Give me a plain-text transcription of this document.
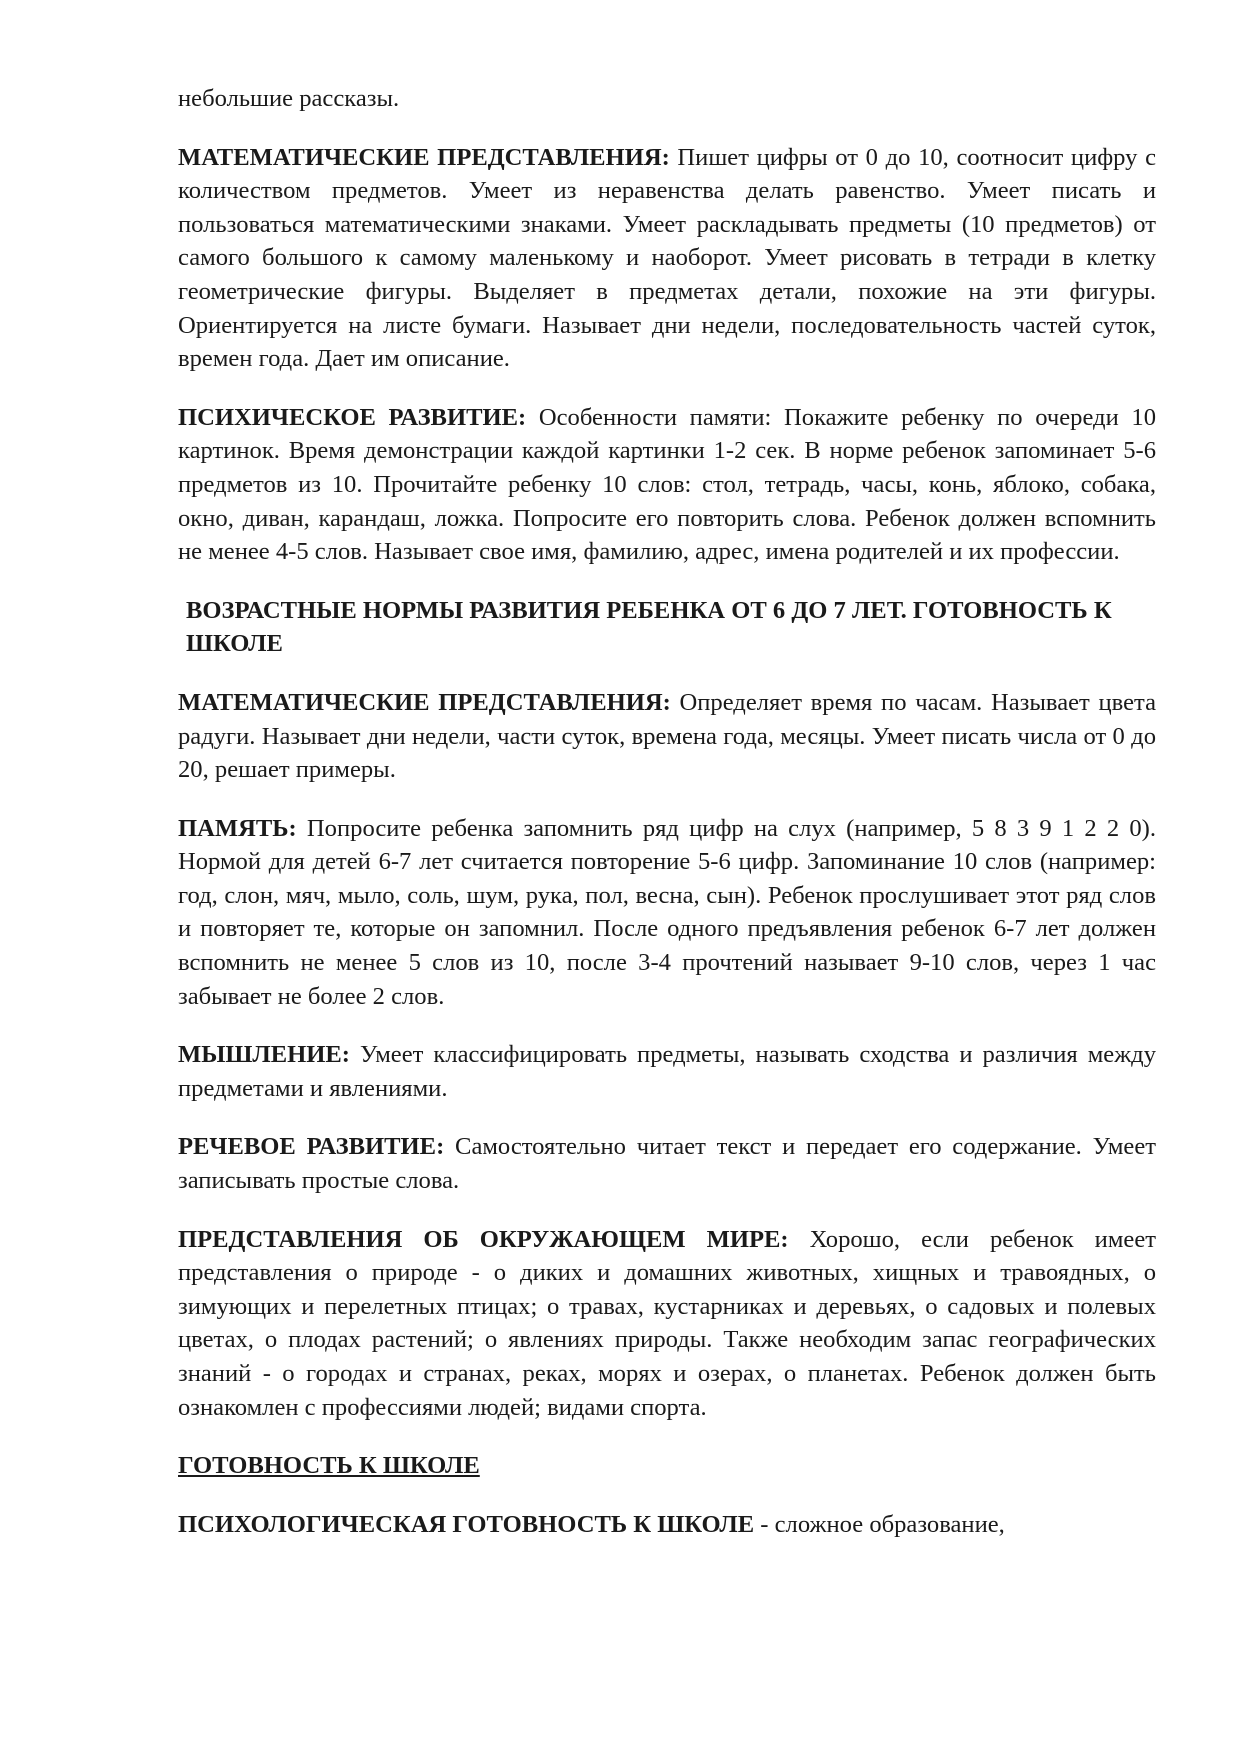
небольшие рассказы.

МАТЕМАТИЧЕСКИЕ ПРЕДСТАВЛЕНИЯ: Пишет цифры от 0 до 10, соотносит цифру с количеством предметов. Умеет из неравенства делать равенство. Умеет писать и пользоваться математическими знаками. Умеет раскладывать предметы (10 предметов) от самого большого к самому маленькому и наоборот. Умеет рисовать в тетради в клетку геометрические фигуры. Выделяет в предметах детали, похожие на эти фигуры. Ориентируется на листе бумаги. Называет дни недели, последовательность частей суток, времен года. Дает им описание.

ПСИХИЧЕСКОЕ РАЗВИТИЕ: Особенности памяти: Покажите ребенку по очереди 10 картинок. Время демонстрации каждой картинки 1-2 сек. В норме ребенок запоминает 5-6 предметов из 10. Прочитайте ребенку 10 слов: стол, тетрадь, часы, конь, яблоко, собака, окно, диван, карандаш, ложка. Попросите его повторить слова. Ребенок должен вспомнить не менее 4-5 слов. Называет свое имя, фамилию, адрес, имена родителей и их профессии.

ВОЗРАСТНЫЕ НОРМЫ РАЗВИТИЯ РЕБЕНКА ОТ 6 ДО 7 ЛЕТ. ГОТОВНОСТЬ К ШКОЛЕ

МАТЕМАТИЧЕСКИЕ ПРЕДСТАВЛЕНИЯ: Определяет время по часам. Называет цвета радуги. Называет дни недели, части суток, времена года, месяцы. Умеет писать числа от 0 до 20, решает примеры.

ПАМЯТЬ: Попросите ребенка запомнить ряд цифр на слух (например, 5 8 3 9 1 2 2 0). Нормой для детей 6-7 лет считается повторение 5-6 цифр. Запоминание 10 слов (например: год, слон, мяч, мыло, соль, шум, рука, пол, весна, сын). Ребенок прослушивает этот ряд слов и повторяет те, которые он запомнил. После одного предъявления ребенок 6-7 лет должен вспомнить не менее 5 слов из 10, после 3-4 прочтений называет 9-10 слов, через 1 час забывает не более 2 слов.

МЫШЛЕНИЕ: Умеет классифицировать предметы, называть сходства и различия между предметами и явлениями.

РЕЧЕВОЕ РАЗВИТИЕ: Самостоятельно читает текст и передает его содержание. Умеет записывать простые слова.

ПРЕДСТАВЛЕНИЯ ОБ ОКРУЖАЮЩЕМ МИРЕ: Хорошо, если ребенок имеет представления о природе - о диких и домашних животных, хищных и травоядных, о зимующих и перелетных птицах; о травах, кустарниках и деревьях, о садовых и полевых цветах, о плодах растений; о явлениях природы. Также необходим запас географических знаний - о городах и странах, реках, морях и озерах, о планетах. Ребенок должен быть ознакомлен с профессиями людей; видами спорта.

ГОТОВНОСТЬ К ШКОЛЕ

ПСИХОЛОГИЧЕСКАЯ ГОТОВНОСТЬ К ШКОЛЕ - сложное образование,
